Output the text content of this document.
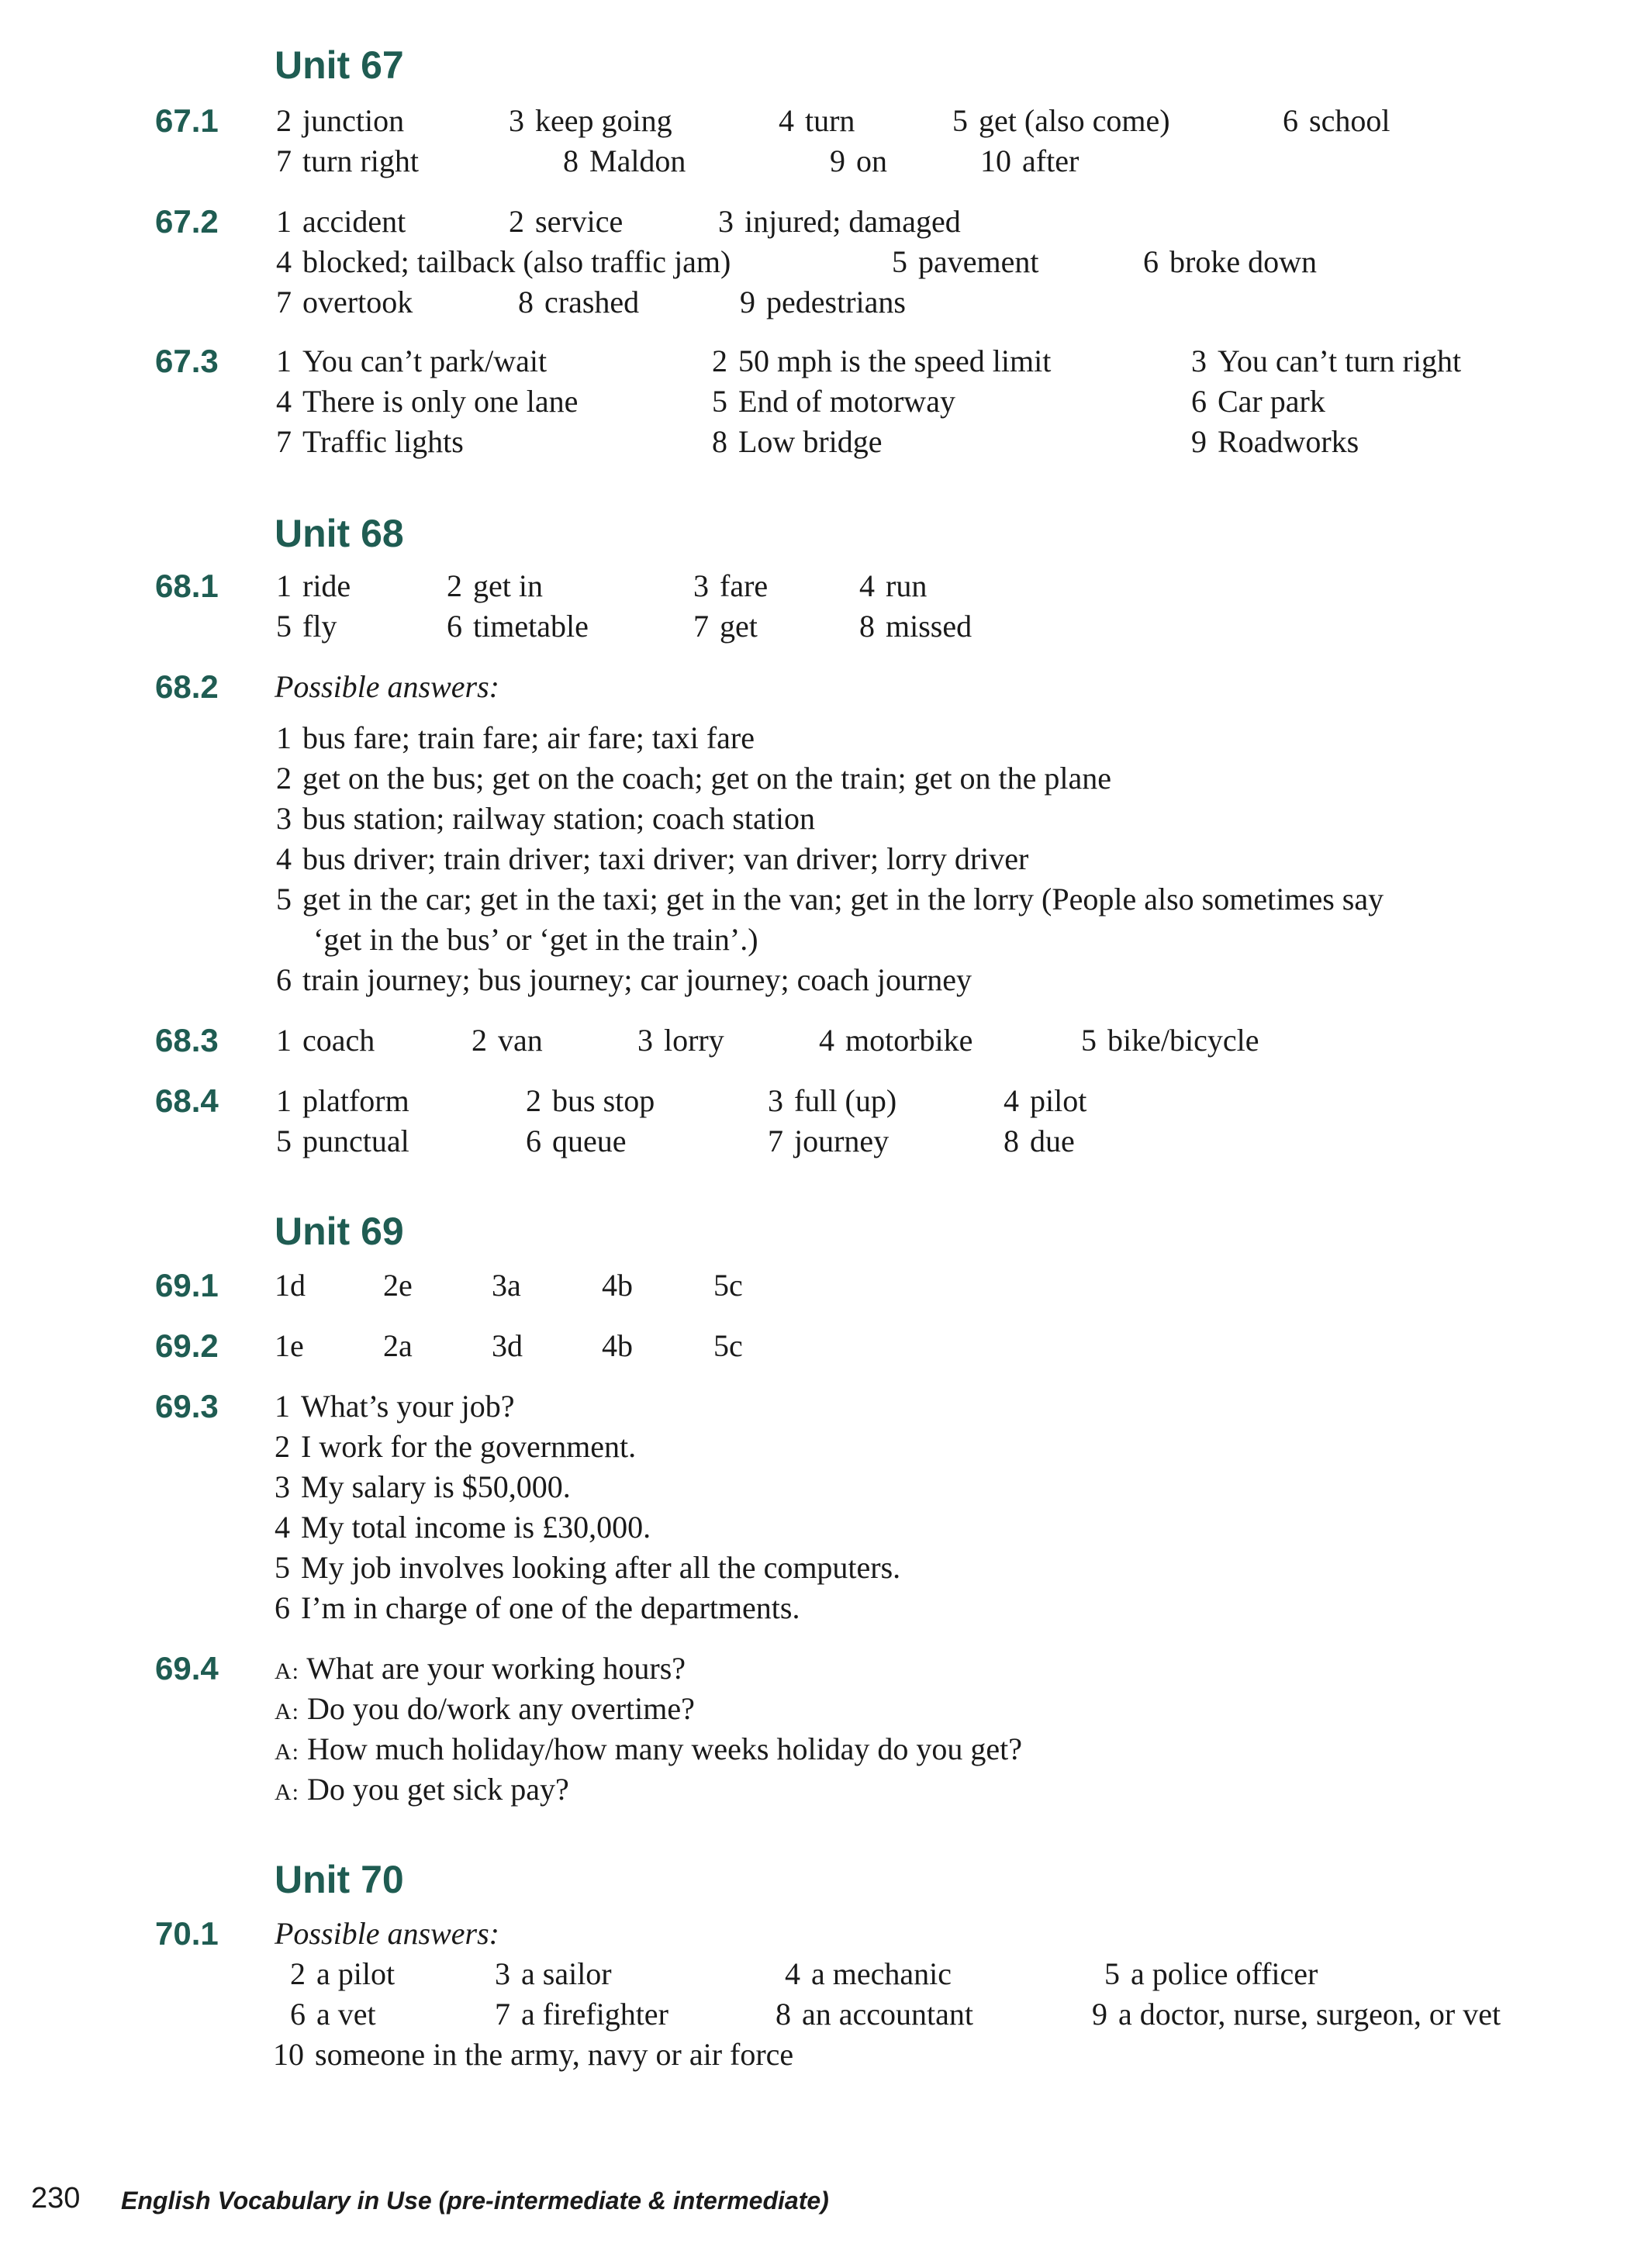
Unit 67
67.1 2 junction	3 keep going	4 turn	5 get (also come)	6 school
7 turn right	8 Maldon	9 on	10 after
67.2 1 accident	2 service	3 injured; damaged
4 blocked; tailback (also traffic jam)	5 pavement	6 broke down
7 overtook	8 crashed	9 pedestrians
67.3 1 You can’t park/wait	2 50 mph is the speed limit	3 You can’t turn right
4 There is only one lane	5 End of motorway	6 Car park
7 Traffic lights	8 Low bridge	9 Roadworks
Unit 68
68.1 1 ride	2 get in	3 fare	4 run
5 fly	6 timetable	7 get	8 missed
68.2 Possible answers:
1 bus fare; train fare; air fare; taxi fare
2 get on the bus; get on the coach; get on the train; get on the plane
3 bus station; railway station; coach station
4 bus driver; train driver; taxi driver; van driver; lorry driver
5 get in the car; get in the taxi; get in the van; get in the lorry (People also sometimes say
‘get in the bus’ or ‘get in the train’.)
6 train journey; bus journey; car journey; coach journey
68.3 1 coach	2 van	3 lorry	4 motorbike	5 bike/bicycle
68.4 1 platform	2 bus stop	3 full (up)	4 pilot
5 punctual	6 queue	7 journey	8 due
Unit 69
69.1 1d	2e	3a	4b	5c
69.2 1e	2a	3d	4b	5c
69.3 1 What’s your job?
2 I work for the government.
3 My salary is $50,000.
4 My total income is £30,000.
5 My job involves looking after all the computers.
6 I’m in charge of one of the departments.
69.4 A: What are your working hours?
A: Do you do/work any overtime?
A: How much holiday/how many weeks holiday do you get?
A: Do you get sick pay?
Unit 70
70.1 Possible answers:
2 a pilot	3 a sailor	4 a mechanic	5 a police officer
6 a vet	7 a firefighter	8 an accountant	9 a doctor, nurse, surgeon, or vet
10 someone in the army, navy or air force
230 English Vocabulary in Use (pre-intermediate & intermediate)
